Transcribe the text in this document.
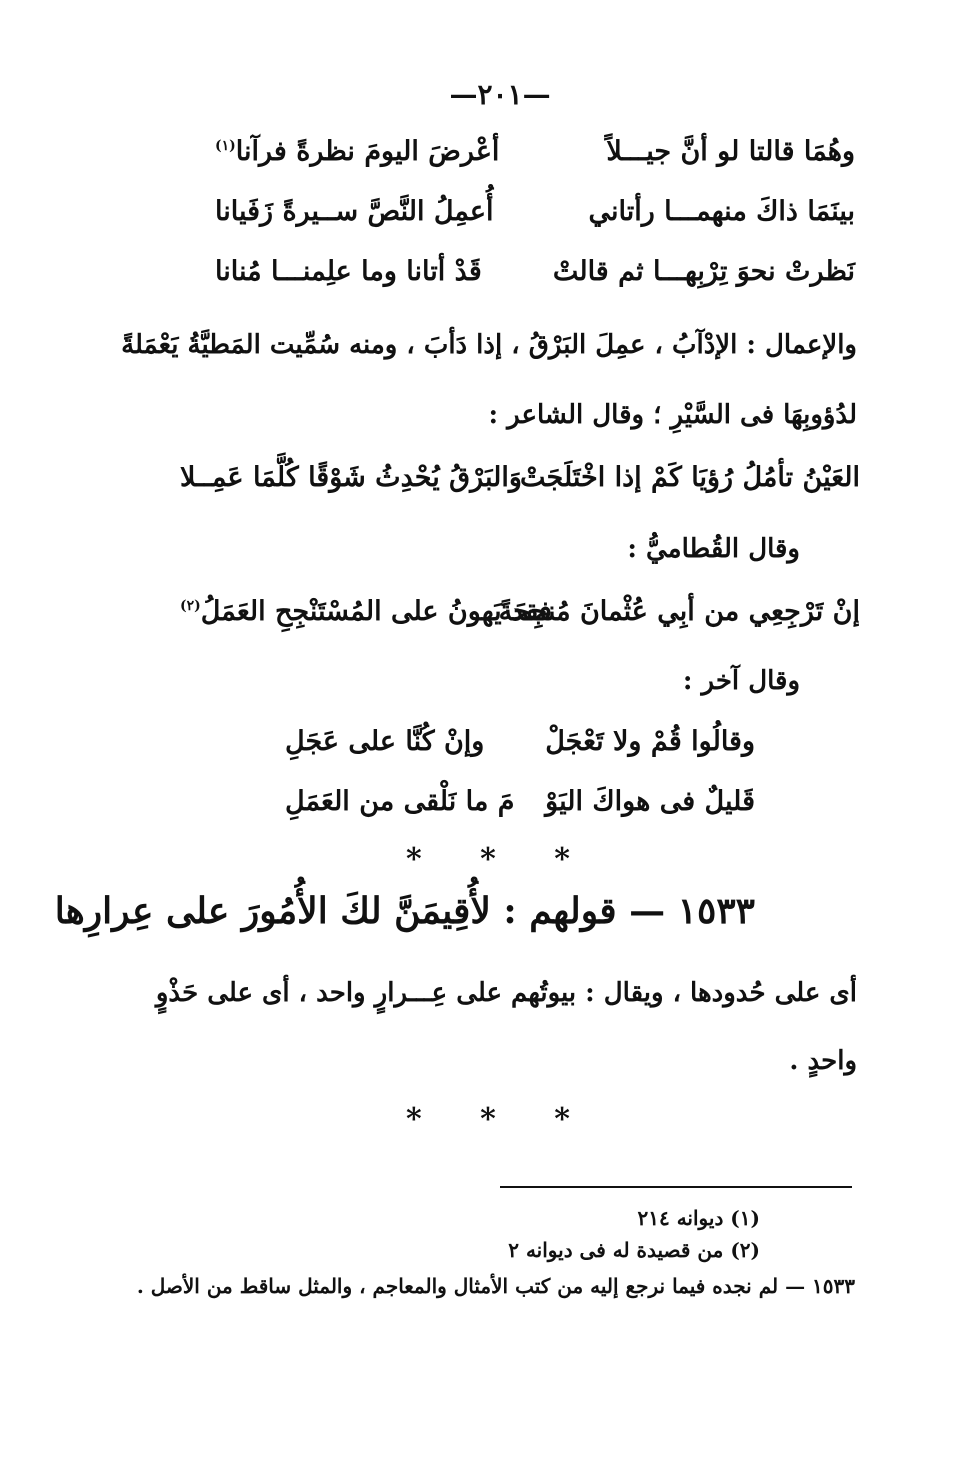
—٢٠١—
وهُمَا قالتا لو أنَّ جيـــلاً
أعْرضَ اليومَ نظرةً فرآنا$^{(١)}$
بينَمَا ذاكَ منهمـــا رأتاني
أُعمِلُ النَّصَّ ســيرةً زَفَيانا
نَظرتْ نحوَ تِرْبِهـــا ثم قالتْ
قَدْ أتانا وما علِمنـــا مُنانا
والإعمال : الإدْآبُ ، عمِلَ البَرْقُ ، إذا دَأبَ ، ومنه سُمِّيت المَطيَّةُ يَعْمَلةً
لدُؤوبِهَا فى السَّيْرِ ؛ وقال الشاعر :
العَيْنُ تأمُلُ رُؤيَا كَمْ إذا اخْتَلَجَتْ
وَالبَرْقُ يُحْدِثُ شَوْقًا كُلَّمَا عَمِــلا
وقال القُطاميُّ :
إنْ تَرْجِعِي من أبِي عُثْمانَ مُنجِحَةً
فقد يَهونُ على المُسْتَنْجِحِ العَمَلُ$^{(٢)}$
وقال آخر :
وقالُوا قُمْ ولا تَعْجَلْ
وإنْ كُنَّا على عَجَلِ
قَليلٌ فى هواكَ اليَوْ
مَ ما نَلْقى من العَمَلِ
* * *
١٥٣٣ — قولهم : لأُقِيمَنَّ لكَ الأُمُورَ على عِرارِها
أى على حُدودها ، ويقال : بيوتُهم على عِـــرارٍ واحد ، أى على حَذْوٍ
واحدٍ .
* * *
(١) ديوانه ٢١٤
(٢) من قصيدة له فى ديوانه ٢
١٥٣٣ — لم نجده فيما نرجع إليه من كتب الأمثال والمعاجم ، والمثل ساقط من الأصل .
